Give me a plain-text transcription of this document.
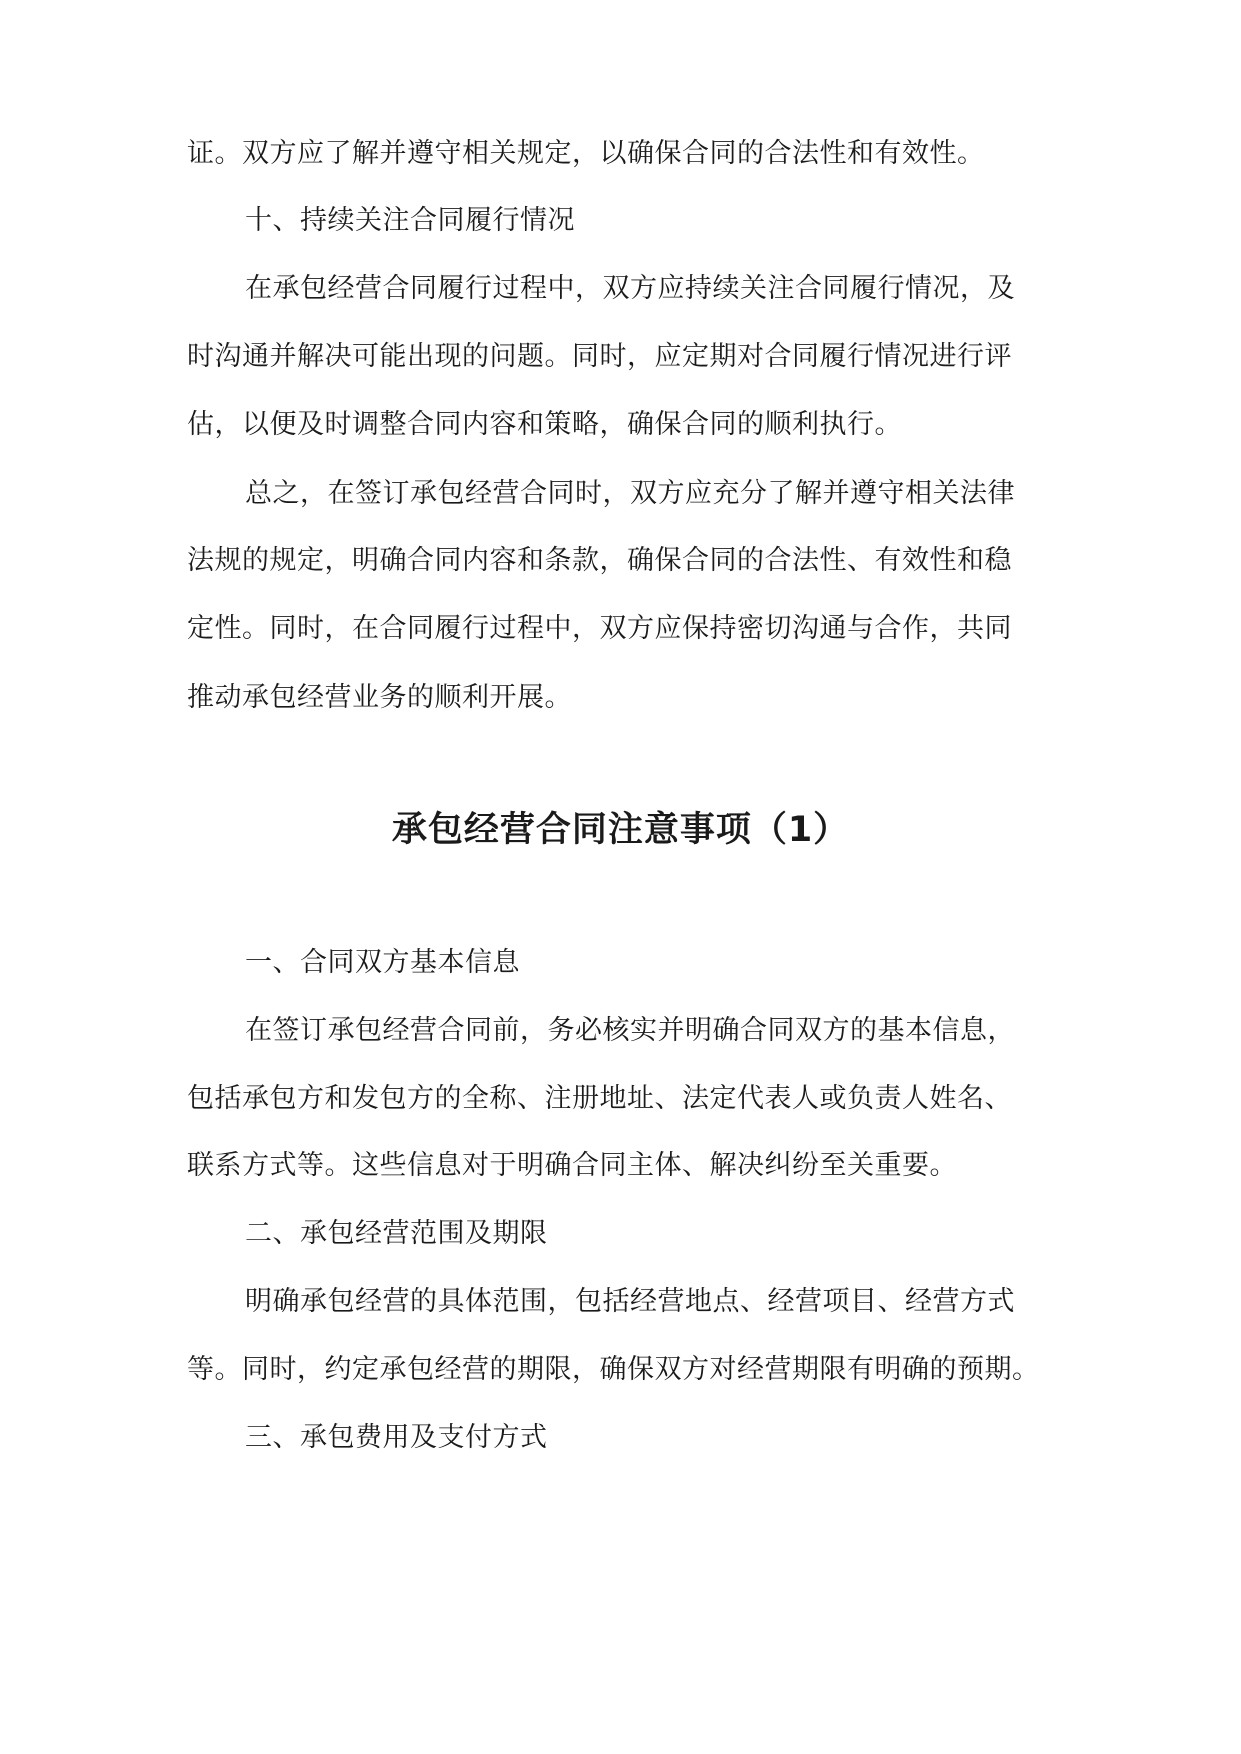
证。双方应了解并遵守相关规定，以确保合同的合法性和有效性。
十、持续关注合同履行情况
在承包经营合同履行过程中，双方应持续关注合同履行情况，及
时沟通并解决可能出现的问题。同时，应定期对合同履行情况进行评
估，以便及时调整合同内容和策略，确保合同的顺利执行。
总之，在签订承包经营合同时，双方应充分了解并遵守相关法律
法规的规定，明确合同内容和条款，确保合同的合法性、有效性和稳
定性。同时，在合同履行过程中，双方应保持密切沟通与合作，共同
推动承包经营业务的顺利开展。
承包经营合同注意事项（1）
一、合同双方基本信息
在签订承包经营合同前，务必核实并明确合同双方的基本信息，
包括承包方和发包方的全称、注册地址、法定代表人或负责人姓名、
联系方式等。这些信息对于明确合同主体、解决纠纷至关重要。
二、承包经营范围及期限
明确承包经营的具体范围，包括经营地点、经营项目、经营方式
等。同时，约定承包经营的期限，确保双方对经营期限有明确的预期。
三、承包费用及支付方式
